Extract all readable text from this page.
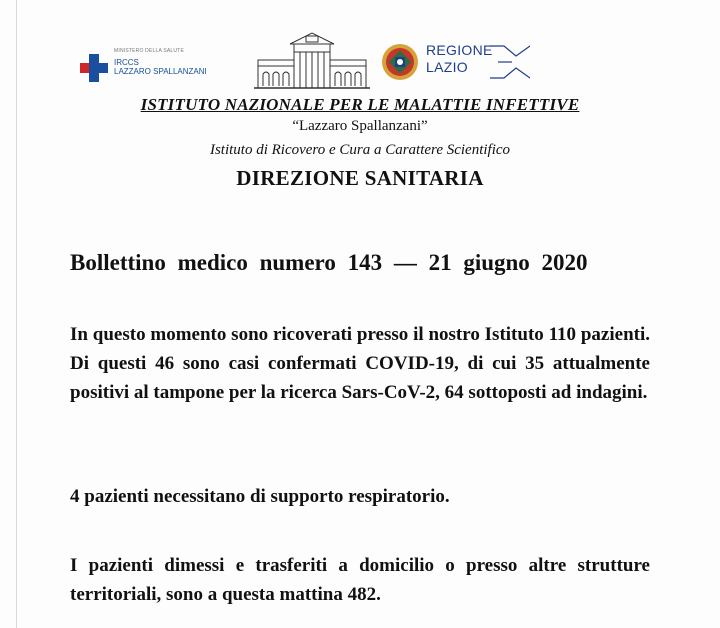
MINISTERO DELLA SALUTE
IRCCS
LAZZARO SPALLANZANI
REGIONE
LAZIO
ISTITUTO NAZIONALE PER LE MALATTIE INFETTIVE
“Lazzaro Spallanzani”
Istituto di Ricovero e Cura a Carattere Scientifico
DIREZIONE SANITARIA
Bollettino medico numero 143 — 21 giugno 2020
In questo momento sono ricoverati presso il nostro Istituto 110 pazienti. Di questi 46 sono casi confermati COVID-19, di cui 35 attualmente positivi al tampone per la ricerca Sars-CoV-2, 64 sottoposti ad indagini.
4 pazienti necessitano di supporto respiratorio.
I pazienti dimessi e trasferiti a domicilio o presso altre strutture territoriali, sono a questa mattina 482.
